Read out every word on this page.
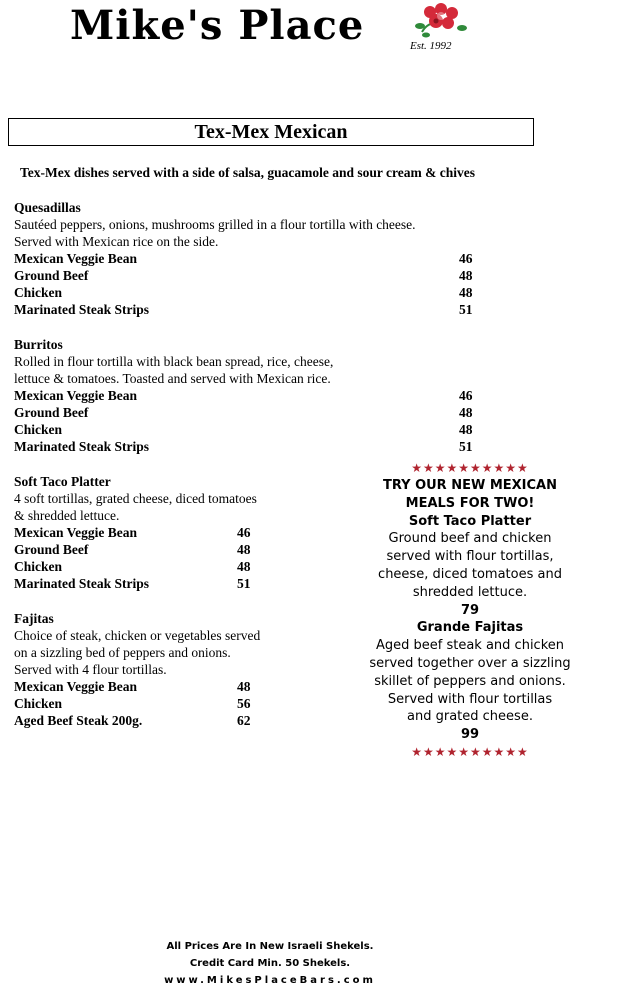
Mike's Place	Est. 1992
Tex-Mex Mexican
Tex-Mex dishes served with a side of salsa, guacamole and sour cream & chives
Quesadillas
Sautéed peppers, onions, mushrooms grilled in a flour tortilla with cheese.
Served with Mexican rice on the side.
Mexican Veggie Bean	46
Ground Beef	48
Chicken	48
Marinated Steak Strips	51
Burritos
Rolled in flour tortilla with black bean spread, rice, cheese,
lettuce & tomatoes. Toasted and served with Mexican rice.
Mexican Veggie Bean	46
Ground Beef	48
Chicken	48
Marinated Steak Strips	51
Soft Taco Platter
4 soft tortillas, grated cheese, diced tomatoes
& shredded lettuce.
Mexican Veggie Bean	46
Ground Beef	48
Chicken	48
Marinated Steak Strips	51
Fajitas
Choice of steak, chicken or vegetables served
on a sizzling bed of peppers and onions.
Served with 4 flour tortillas.
Mexican Veggie Bean	48
Chicken	56
Aged Beef Steak 200g.	62
★★★★★★★★★★
TRY OUR NEW MEXICAN
MEALS FOR TWO!
Soft Taco Platter
Ground beef and chicken
served with flour tortillas,
cheese, diced tomatoes and
shredded lettuce.
79
Grande Fajitas
Aged beef steak and chicken
served together over a sizzling
skillet of peppers and onions.
Served with flour tortillas
and grated cheese.
99
★★★★★★★★★★
All Prices Are In New Israeli Shekels.
Credit Card Min. 50 Shekels.
www.MikesPlaceBars.com
